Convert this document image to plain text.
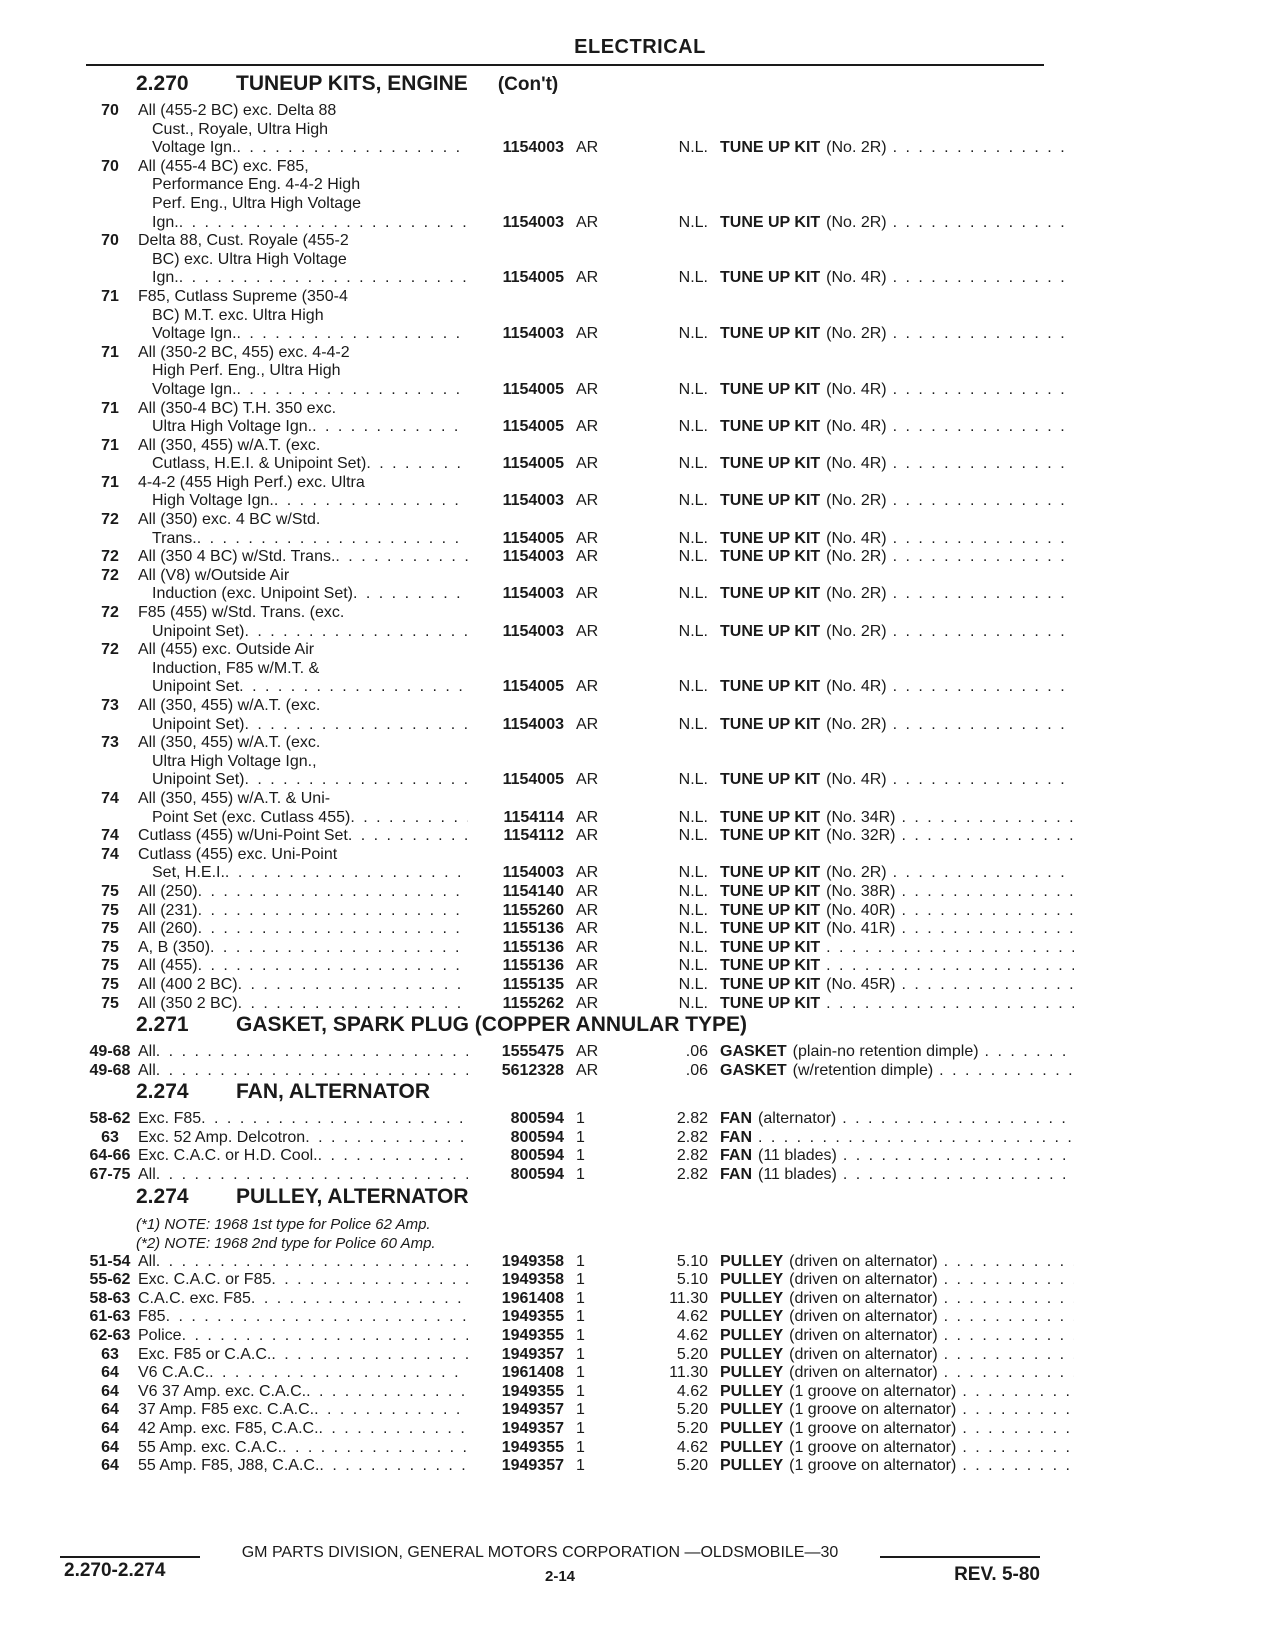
ELECTRICAL
2.270	TUNEUP KITS, ENGINE (Con't)
70	All (455-2 BC) exc. Delta 88
Cust., Royale, Ultra High
Voltage Ign. . . .	1154003 AR	N.L. TUNE UP KIT (No. 2R)
. . .
70	All (455-4 BC) exc. F85,
Performance Eng. 4-4-2 High
Perf. Eng., Ultra High Voltage
Ign. . . .	1154003 AR	N.L. TUNE UP KIT (No. 2R)
. . .
70	Delta 88, Cust. Royale (455-2
BC) exc. Ultra High Voltage
Ign. . . .	1154005 AR	N.L. TUNE UP KIT (No. 4R)
. . .
71	F85, Cutlass Supreme (350-4
BC) M.T. exc. Ultra High
Voltage Ign. . . .	1154003 AR	N.L. TUNE UP KIT (No. 2R)
. . .
71	All (350-2 BC, 455) exc. 4-4-2
High Perf. Eng., Ultra High
Voltage Ign. . . .	1154005 AR	N.L. TUNE UP KIT (No. 4R)
. . .
71	All (350-4 BC) T.H. 350 exc.
Ultra High Voltage Ign. . . .	1154005 AR	N.L. TUNE UP KIT (No. 4R)
. . .
71	All (350, 455) w/A.T. (exc.
Cutlass, H.E.I. & Unipoint Set) . . .	1154005 AR	N.L. TUNE UP KIT (No. 4R)
. . .
71	4-4-2 (455 High Perf.) exc. Ultra
High Voltage Ign. . . .	1154003 AR	N.L. TUNE UP KIT (No. 2R)
. . .
72	All (350) exc. 4 BC w/Std.
Trans. . . .	1154005 AR	N.L. TUNE UP KIT (No. 4R)
. . .
72	All (350 4 BC) w/Std. Trans. . . .	1154003 AR	N.L. TUNE UP KIT (No. 2R)
. . .
72	All (V8) w/Outside Air
Induction (exc. Unipoint Set) . . .	1154003 AR	N.L. TUNE UP KIT (No. 2R)
. . .
72	F85 (455) w/Std. Trans. (exc.
Unipoint Set) . . .	1154003 AR	N.L. TUNE UP KIT (No. 2R)
. . .
72	All (455) exc. Outside Air
Induction, F85 w/M.T. &
Unipoint Set . . .	1154005 AR	N.L. TUNE UP KIT (No. 4R)
. . .
73	All (350, 455) w/A.T. (exc.
Unipoint Set) . . .	1154003 AR	N.L. TUNE UP KIT (No. 2R)
. . .
73	All (350, 455) w/A.T. (exc.
Ultra High Voltage Ign.,
Unipoint Set) . . .	1154005 AR	N.L. TUNE UP KIT (No. 4R)
. . .
74	All (350, 455) w/A.T. & Uni-
Point Set (exc. Cutlass 455) . . .	1154114 AR	N.L. TUNE UP KIT (No. 34R)
. . .
74	Cutlass (455) w/Uni-Point Set . . .	1154112 AR	N.L. TUNE UP KIT (No. 32R)
. . .
74	Cutlass (455) exc. Uni-Point
Set, H.E.I. . . .	1154003 AR	N.L. TUNE UP KIT (No. 2R)
. . .
75	All (250) . . .	1154140 AR	N.L. TUNE UP KIT (No. 38R)
. . .
75	All (231) . . .	1155260 AR	N.L. TUNE UP KIT (No. 40R)
. . .
75	All (260) . . .	1155136 AR	N.L. TUNE UP KIT (No. 41R)
. . .
75	A, B (350) . . .	1155136 AR	N.L. TUNE UP KIT
. . .
75	All (455) . . .	1155136 AR	N.L. TUNE UP KIT
. . .
75	All (400 2 BC) . . .	1155135 AR	N.L. TUNE UP KIT (No. 45R)
. . .
75	All (350 2 BC) . . .	1155262 AR	N.L. TUNE UP KIT
. . .
2.271	GASKET, SPARK PLUG (COPPER ANNULAR TYPE)
49-68 All . . .	1555475 AR	.06 GASKET (plain-no retention dimple)
. . .
49-68 All . . .	5612328 AR	.06 GASKET (w/retention dimple)
. . .
2.274	FAN, ALTERNATOR
58-62 Exc. F85 . . .	800594 1	2.82 FAN (alternator)
. . .
63	Exc. 52 Amp. Delcotron . . .	800594 1	2.82 FAN
. . .
64-66 Exc. C.A.C. or H.D. Cool. . . .	800594 1	2.82 FAN (11 blades)
. . .
67-75 All . . .	800594 1	2.82 FAN (11 blades)
. . .
2.274	PULLEY, ALTERNATOR
(*1) NOTE: 1968 1st type for Police 62 Amp.
(*2) NOTE: 1968 2nd type for Police 60 Amp.
51-54 All . . .	1949358 1	5.10 PULLEY (driven on alternator)
. . .
55-62 Exc. C.A.C. or F85 . . .	1949358 1	5.10 PULLEY (driven on alternator)
. . .
58-63 C.A.C. exc. F85 . . .	1961408 1	11.30 PULLEY (driven on alternator)
. . .
61-63 F85 . . .	1949355 1	4.62 PULLEY (driven on alternator)
. . .
62-63 Police . . .	1949355 1	4.62 PULLEY (driven on alternator)
. . .
63	Exc. F85 or C.A.C. . . .	1949357 1	5.20 PULLEY (driven on alternator)
. . .
64	V6 C.A.C. . . .	1961408 1	11.30 PULLEY (driven on alternator)
. . .
64	V6 37 Amp. exc. C.A.C. . . .	1949355 1	4.62 PULLEY (1 groove on alternator)
. . .
64	37 Amp. F85 exc. C.A.C. . . .	1949357 1	5.20 PULLEY (1 groove on alternator)
. . .
64	42 Amp. exc. F85, C.A.C. . . .	1949357 1	5.20 PULLEY (1 groove on alternator)
. . .
64	55 Amp. exc. C.A.C. . . .	1949355 1	4.62 PULLEY (1 groove on alternator)
. . .
64	55 Amp. F85, J88, C.A.C. . . .	1949357 1	5.20 PULLEY (1 groove on alternator)
. . .
GM PARTS DIVISION, GENERAL MOTORS CORPORATION —OLDSMOBILE—30
2.270-2.274	2-14	REV. 5-80
